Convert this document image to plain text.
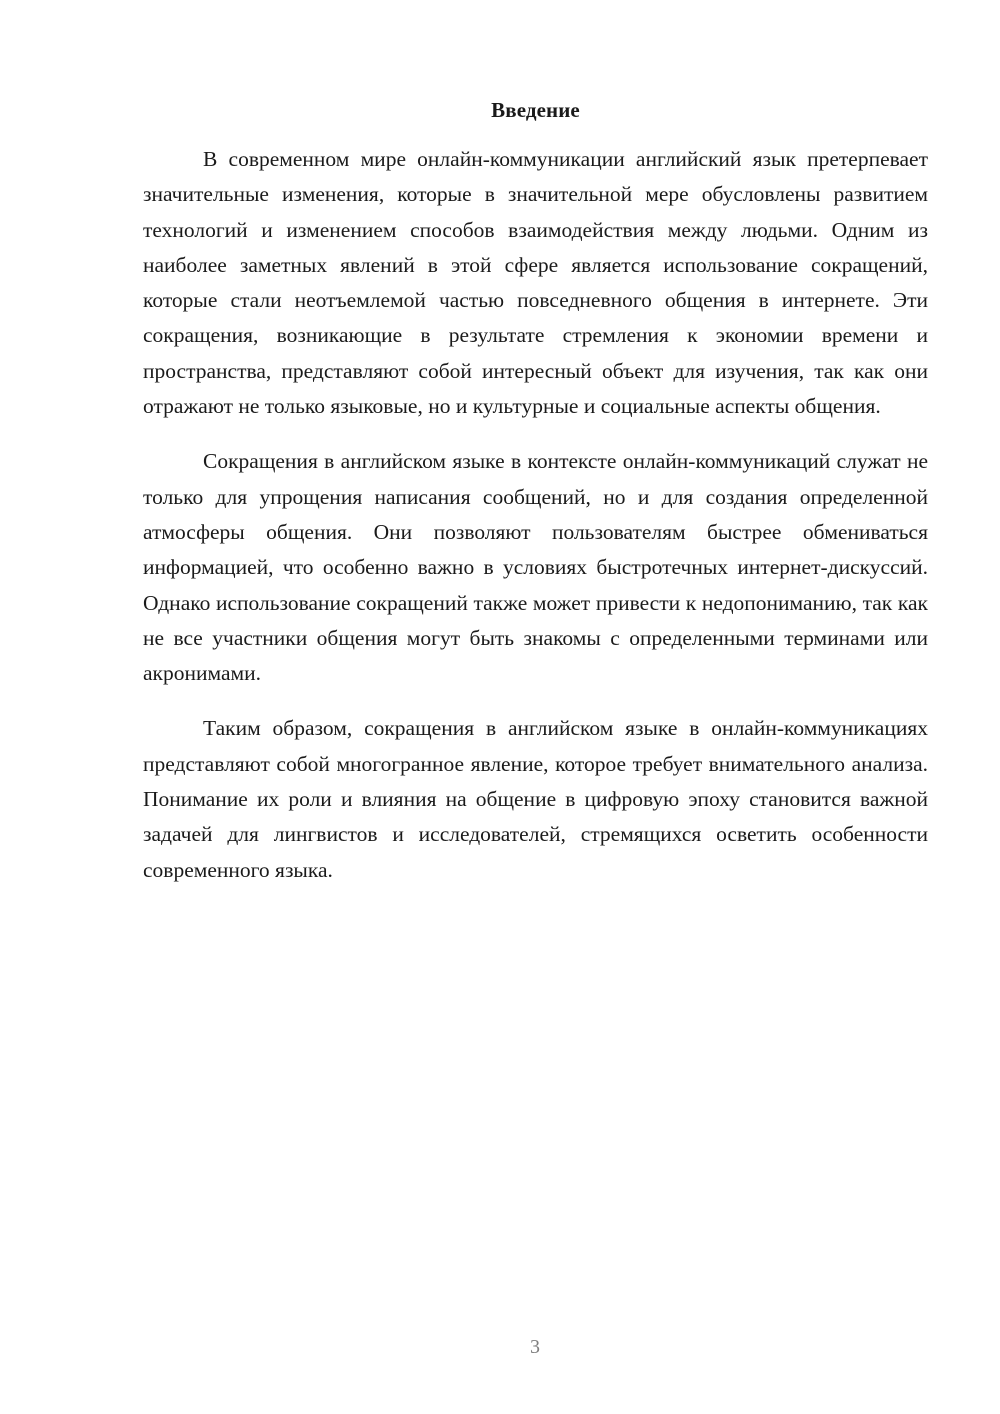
Введение

В современном мире онлайн-коммуникации английский язык претерпевает значительные изменения, которые в значительной мере обусловлены развитием технологий и изменением способов взаимодействия между людьми. Одним из наиболее заметных явлений в этой сфере является использование сокращений, которые стали неотъемлемой частью повседневного общения в интернете. Эти сокращения, возникающие в результате стремления к экономии времени и пространства, представляют собой интересный объект для изучения, так как они отражают не только языковые, но и культурные и социальные аспекты общения.

Сокращения в английском языке в контексте онлайн-коммуникаций служат не только для упрощения написания сообщений, но и для создания определенной атмосферы общения. Они позволяют пользователям быстрее обмениваться информацией, что особенно важно в условиях быстротечных интернет-дискуссий. Однако использование сокращений также может привести к недопониманию, так как не все участники общения могут быть знакомы с определенными терминами или акронимами.

Таким образом, сокращения в английском языке в онлайн-коммуникациях представляют собой многогранное явление, которое требует внимательного анализа. Понимание их роли и влияния на общение в цифровую эпоху становится важной задачей для лингвистов и исследователей, стремящихся осветить особенности современного языка.

3
